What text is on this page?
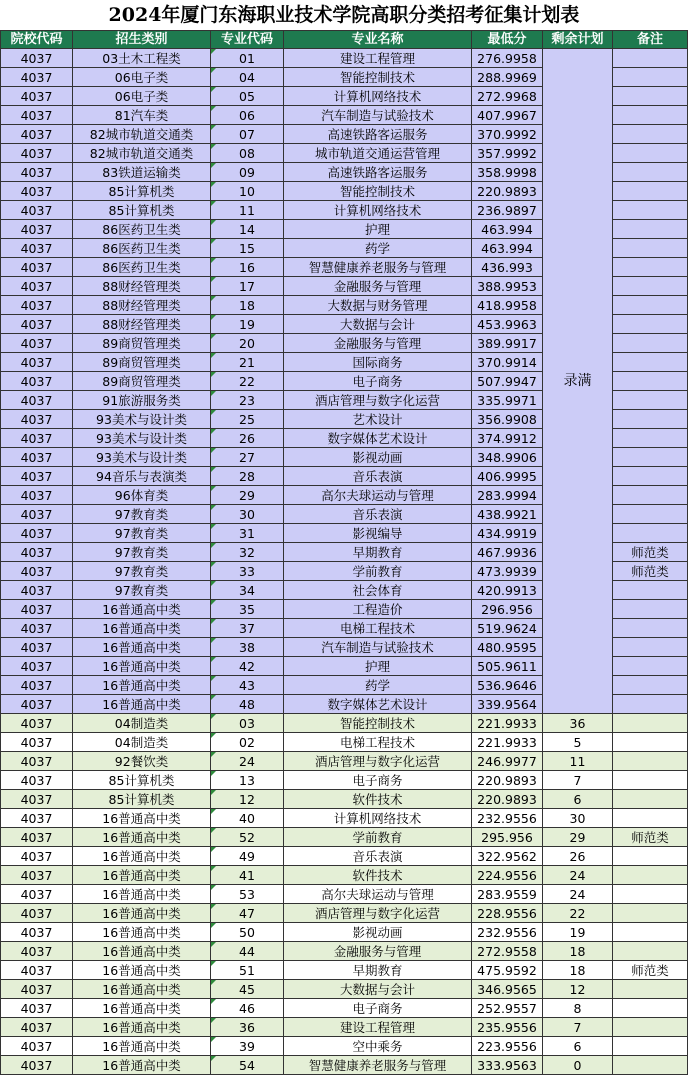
2024年厦门东海职业技术学院高职分类招考征集计划表
院校代码	招生类别	专业代码	专业名称	最低分	剩余计划	备注
4037	03土木工程类	01	建设工程管理	276.9958	录满	
4037	06电子类	04	智能控制技术	288.9969		
4037	06电子类	05	计算机网络技术	272.9968		
4037	81汽车类	06	汽车制造与试验技术	407.9967		
4037	82城市轨道交通类	07	高速铁路客运服务	370.9992		
4037	82城市轨道交通类	08	城市轨道交通运营管理	357.9992		
4037	83铁道运输类	09	高速铁路客运服务	358.9998		
4037	85计算机类	10	智能控制技术	220.9893		
4037	85计算机类	11	计算机网络技术	236.9897		
4037	86医药卫生类	14	护理	463.994		
4037	86医药卫生类	15	药学	463.994		
4037	86医药卫生类	16	智慧健康养老服务与管理	436.993		
4037	88财经管理类	17	金融服务与管理	388.9953		
4037	88财经管理类	18	大数据与财务管理	418.9958		
4037	88财经管理类	19	大数据与会计	453.9963		
4037	89商贸管理类	20	金融服务与管理	389.9917		
4037	89商贸管理类	21	国际商务	370.9914		
4037	89商贸管理类	22	电子商务	507.9947		
4037	91旅游服务类	23	酒店管理与数字化运营	335.9971		
4037	93美术与设计类	25	艺术设计	356.9908		
4037	93美术与设计类	26	数字媒体艺术设计	374.9912		
4037	93美术与设计类	27	影视动画	348.9906		
4037	94音乐与表演类	28	音乐表演	406.9995		
4037	96体育类	29	高尔夫球运动与管理	283.9994		
4037	97教育类	30	音乐表演	438.9921		
4037	97教育类	31	影视编导	434.9919		
4037	97教育类	32	早期教育	467.9936		师范类
4037	97教育类	33	学前教育	473.9939		师范类
4037	97教育类	34	社会体育	420.9913		
4037	16普通高中类	35	工程造价	296.956		
4037	16普通高中类	37	电梯工程技术	519.9624		
4037	16普通高中类	38	汽车制造与试验技术	480.9595		
4037	16普通高中类	42	护理	505.9611		
4037	16普通高中类	43	药学	536.9646		
4037	16普通高中类	48	数字媒体艺术设计	339.9564		
4037	04制造类	03	智能控制技术	221.9933	36	
4037	04制造类	02	电梯工程技术	221.9933	5	
4037	92餐饮类	24	酒店管理与数字化运营	246.9977	11	
4037	85计算机类	13	电子商务	220.9893	7	
4037	85计算机类	12	软件技术	220.9893	6	
4037	16普通高中类	40	计算机网络技术	232.9556	30	
4037	16普通高中类	52	学前教育	295.956	29	师范类
4037	16普通高中类	49	音乐表演	322.9562	26	
4037	16普通高中类	41	软件技术	224.9556	24	
4037	16普通高中类	53	高尔夫球运动与管理	283.9559	24	
4037	16普通高中类	47	酒店管理与数字化运营	228.9556	22	
4037	16普通高中类	50	影视动画	232.9556	19	
4037	16普通高中类	44	金融服务与管理	272.9558	18	
4037	16普通高中类	51	早期教育	475.9592	18	师范类
4037	16普通高中类	45	大数据与会计	346.9565	12	
4037	16普通高中类	46	电子商务	252.9557	8	
4037	16普通高中类	36	建设工程管理	235.9556	7	
4037	16普通高中类	39	空中乘务	223.9556	6	
4037	16普通高中类	54	智慧健康养老服务与管理	333.9563	0	
